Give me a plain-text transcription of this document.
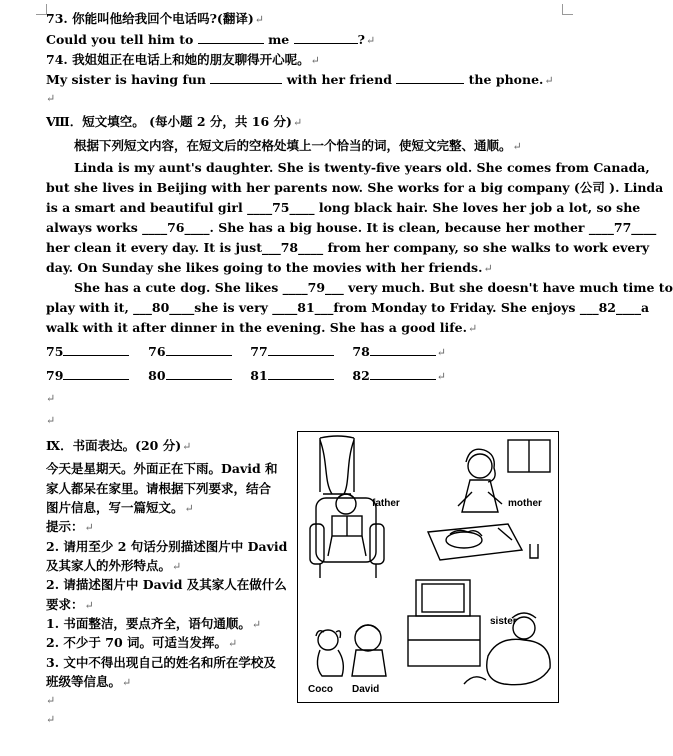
73. 你能叫他给我回个电话吗?(翻译)↵
Could you tell him to	me	?↵
74. 我姐姐正在电话上和她的朋友聊得开心呢。↵
My sister is having fun	with her friend	the phone.↵
↵
Ⅷ．短文填空。 (每小题 2 分，共 16 分)↵
根据下列短文内容，在短文后的空格处填上一个恰当的词，使短文完整、通顺。↵
Linda is my aunt's daughter. She is twenty-five years old. She comes from Canada,
but she lives in Beijing with her parents now. She works for a big company (公司 ). Linda
is a smart and beautiful girl ____75____ long black hair. She loves her job a lot, so she
always works ____76____. She has a big house. It is clean, because her mother ____77____
her clean it every day. It is just___78____ from her company, so she walks to work every
day. On Sunday she likes going to the movies with her friends.↵
She has a cute dog. She likes ____79___ very much. But she doesn't have much time to
play with it, ___80____she is very ____81___from Monday to Friday. She enjoys ___82____a
walk with it after dinner in the evening. She has a good life.↵
75	76	77	78	↵
79	80	81	82	↵
↵
↵
Ⅸ．书面表达。(20 分)↵
今天是星期天。外面正在下雨。David 和
家人都呆在家里。请根据下列要求，结合
图片信息，写一篇短文。↵
提示：↵
2. 请用至少 2 句话分别描述图片中 David
及其家人的外形特点。↵
2. 请描述图片中 David 及其家人在做什么
要求：↵
1. 书面整洁，要点齐全，语句通顺。↵
2. 不少于 70 词。可适当发挥。↵
3. 文中不得出现自己的姓名和所在学校及
班级等信息。↵
↵
↵
father	mother
sister
Coco David
